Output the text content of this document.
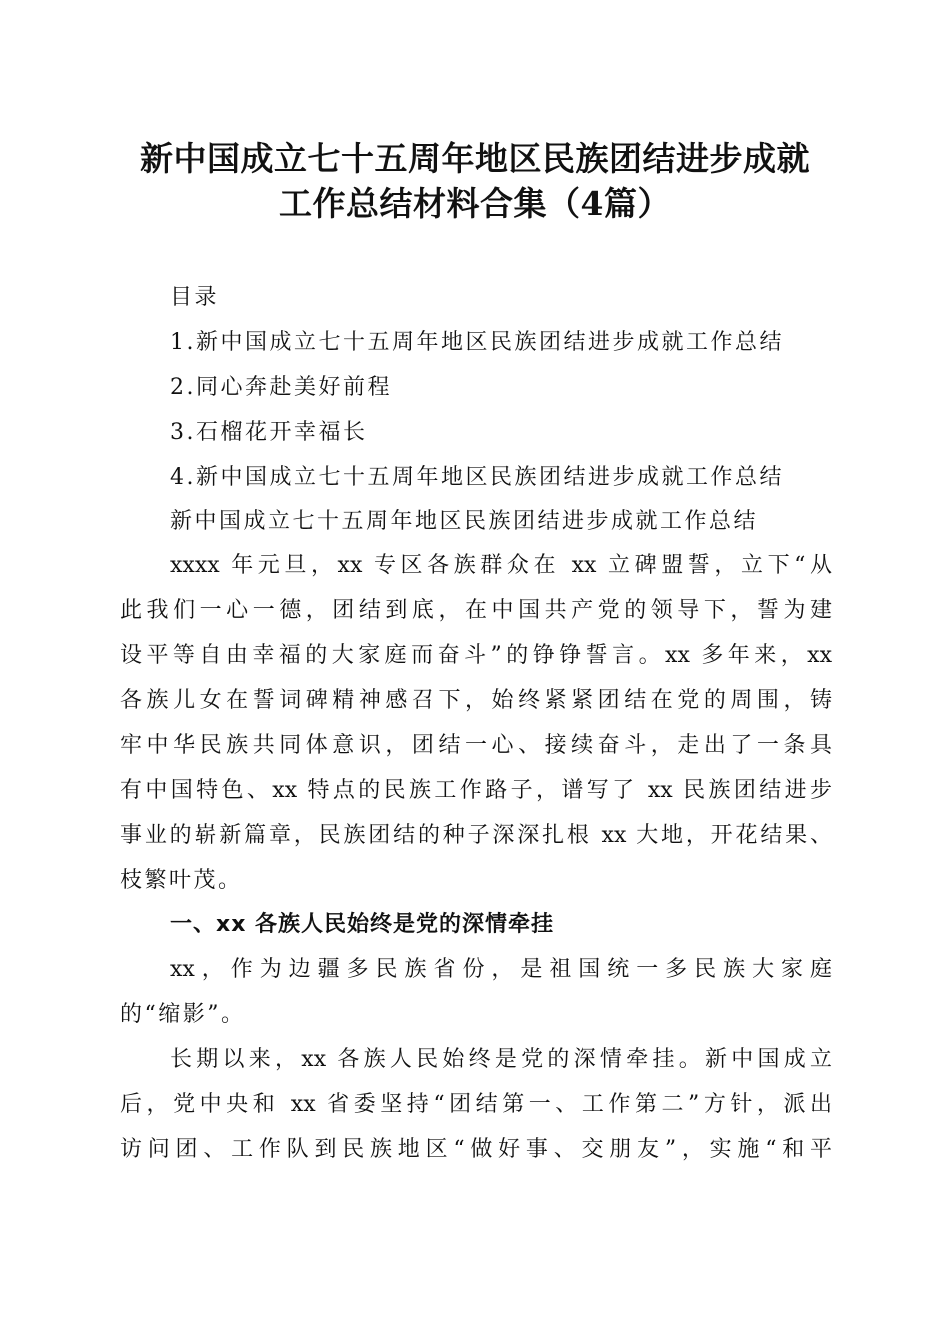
新中国成立七十五周年地区民族团结进步成就
工作总结材料合集（4篇）
目录
1.新中国成立七十五周年地区民族团结进步成就工作总结
2.同心奔赴美好前程
3.石榴花开幸福长
4.新中国成立七十五周年地区民族团结进步成就工作总结
新中国成立七十五周年地区民族团结进步成就工作总结
xxxx 年元旦，xx 专区各族群众在 xx 立碑盟誓，立下“从
此我们一心一德，团结到底，在中国共产党的领导下，誓为建
设平等自由幸福的大家庭而奋斗”的铮铮誓言。xx 多年来，xx
各族儿女在誓词碑精神感召下，始终紧紧团结在党的周围，铸
牢中华民族共同体意识，团结一心、接续奋斗，走出了一条具
有中国特色、xx 特点的民族工作路子，谱写了 xx 民族团结进步
事业的崭新篇章，民族团结的种子深深扎根 xx 大地，开花结果、
枝繁叶茂。
一、xx 各族人民始终是党的深情牵挂
xx，作为边疆多民族省份，是祖国统一多民族大家庭
的“缩影”。
长期以来，xx 各族人民始终是党的深情牵挂。新中国成立
后，党中央和 xx 省委坚持“团结第一、工作第二”方针，派出
访问团、工作队到民族地区“做好事、交朋友”，实施“和平
